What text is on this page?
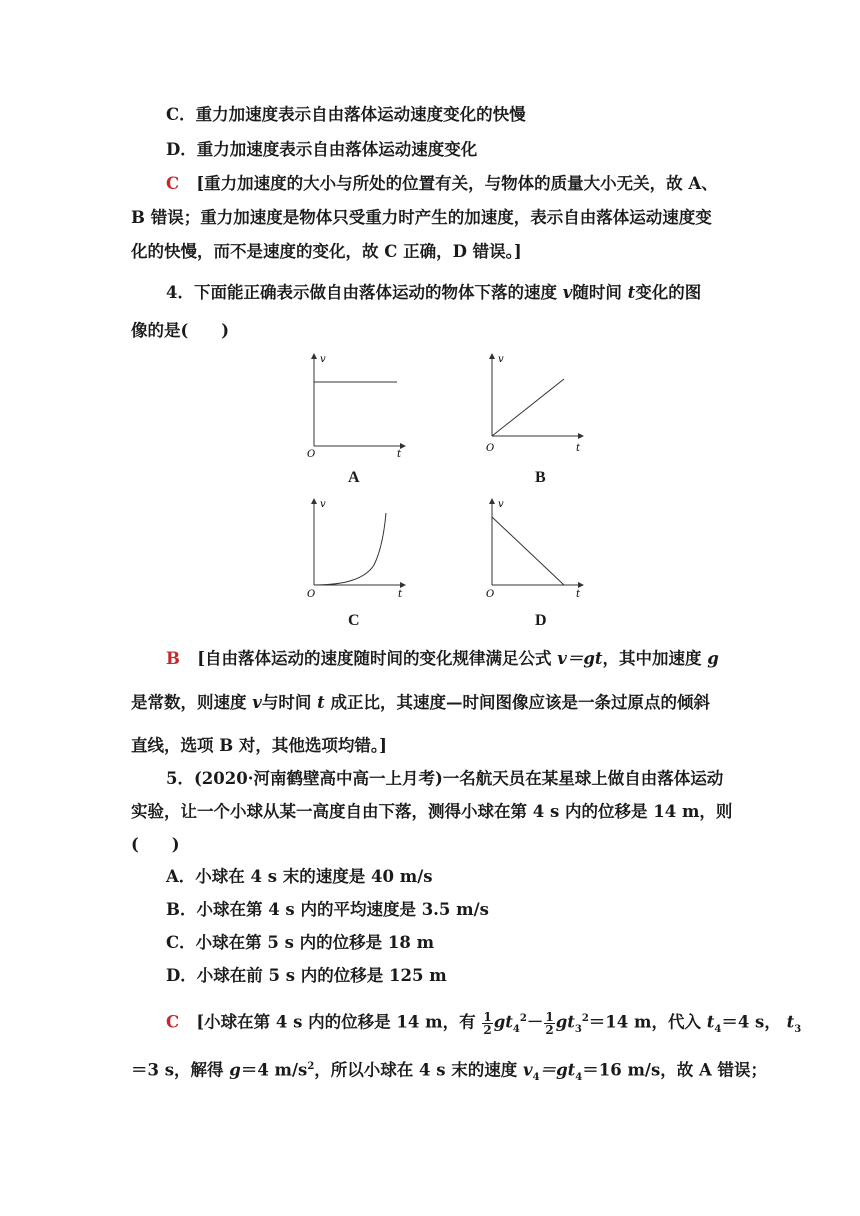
C．重力加速度表示自由落体运动速度变化的快慢
D．重力加速度表示自由落体运动速度变化
C [重力加速度的大小与所处的位置有关，与物体的质量大小无关，故 A、
B 错误；重力加速度是物体只受重力时产生的加速度，表示自由落体运动速度变
化的快慢，而不是速度的变化，故 C 正确，D 错误。]
4．下面能正确表示做自由落体运动的物体下落的速度 v随时间 t变化的图
像的是(　　)
v
t
O
A
v
t
O
B
v
t
O
C
v
t
O
D
B [自由落体运动的速度随时间的变化规律满足公式 v＝gt，其中加速度 g
是常数，则速度 v与时间 t 成正比，其速度—时间图像应该是一条过原点的倾斜
直线，选项 B 对，其他选项均错。]
5．(2020·河南鹤壁高中高一上月考)一名航天员在某星球上做自由落体运动
实验，让一个小球从某一高度自由下落，测得小球在第 4 s 内的位移是 14 m，则
(　　)
A．小球在 4 s 末的速度是 40 m/s
B．小球在第 4 s 内的平均速度是 3.5 m/s
C．小球在第 5 s 内的位移是 18 m
D．小球在前 5 s 内的位移是 125 m
C [小球在第 4 s 内的位移是 14 m，有 $\frac{1}{2} gt_4^2- \frac{1}{2} gt_3^2=14$ m，代入 $t_4=4$ s， $t_3$
＝3 s，解得 g＝4 $m/s^2$，所以小球在 4 s 末的速度 $v_4=gt_4=16$ m/s，故 A 错误；
